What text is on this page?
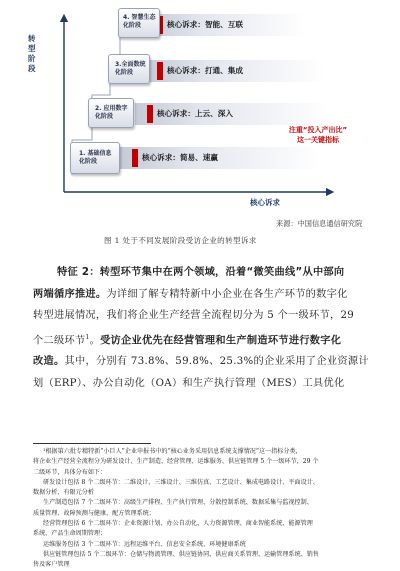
转型阶段
核心诉求
4. 智慧生态化阶段
3.全面数统化阶段
2. 应用数字化阶段
1. 基础信息化阶段
核心诉求：智能、互联
核心诉求：打通、集成
核心诉求：上云、深入
核心诉求：简易、速赢
注重“投入产出比”
这一关键指标
来源：中国信息通信研究院
图 1 处于不同发展阶段受访企业的转型诉求
特征 2：转型环节集中在两个领域，沿着“微笑曲线”从中部向
两端循序推进。为详细了解专精特新中小企业在各生产环节的数字化
转型进展情况，我们将企业生产经营全流程切分为 5 个一级环节，29
个二级环节$^1$。受访企业优先在经营管理和生产制造环节进行数字化
改造。其中，分别有 73.8%、59.8%、25.3%的企业采用了企业资源计
划（ERP）、办公自动化（OA）和生产执行管理（MES）工具优化
¹根据第六批专精特新“小巨人”企业申报书中的“核心业务采用信息系统支撑情况”这一指标分类，
将企业生产经营全流程分为研发设计、生产制造、经营管理、运维服务、供应链管理 5 个一级环节，29 个
二级环节，具体分布如下：
研发设计包括 8 个二级环节：二维设计、三维设计、三维仿真、工艺设计、集成电路设计、平面设计、
数据分析、有限元分析
生产制造包括 7 个二级环节：高级生产排程、生产执行管理、分散控制系统、数据采集与监视控制、
质量管理、故障预测与健康、配方管理系统；
经营管理包括 6 个二级环节：企业资源计划、办公自动化、人力资源管理、商业智能系统、能源管理
系统、产品生命周期管理；
运维服务包括 3 个二级环节：远程运维平台、信息安全系统、环境健康系统
供应链管理包括 5 个二级环节：仓储与物流管理、供应链协同、供应商关系管理、运输管理系统、销售
售及客户管理
